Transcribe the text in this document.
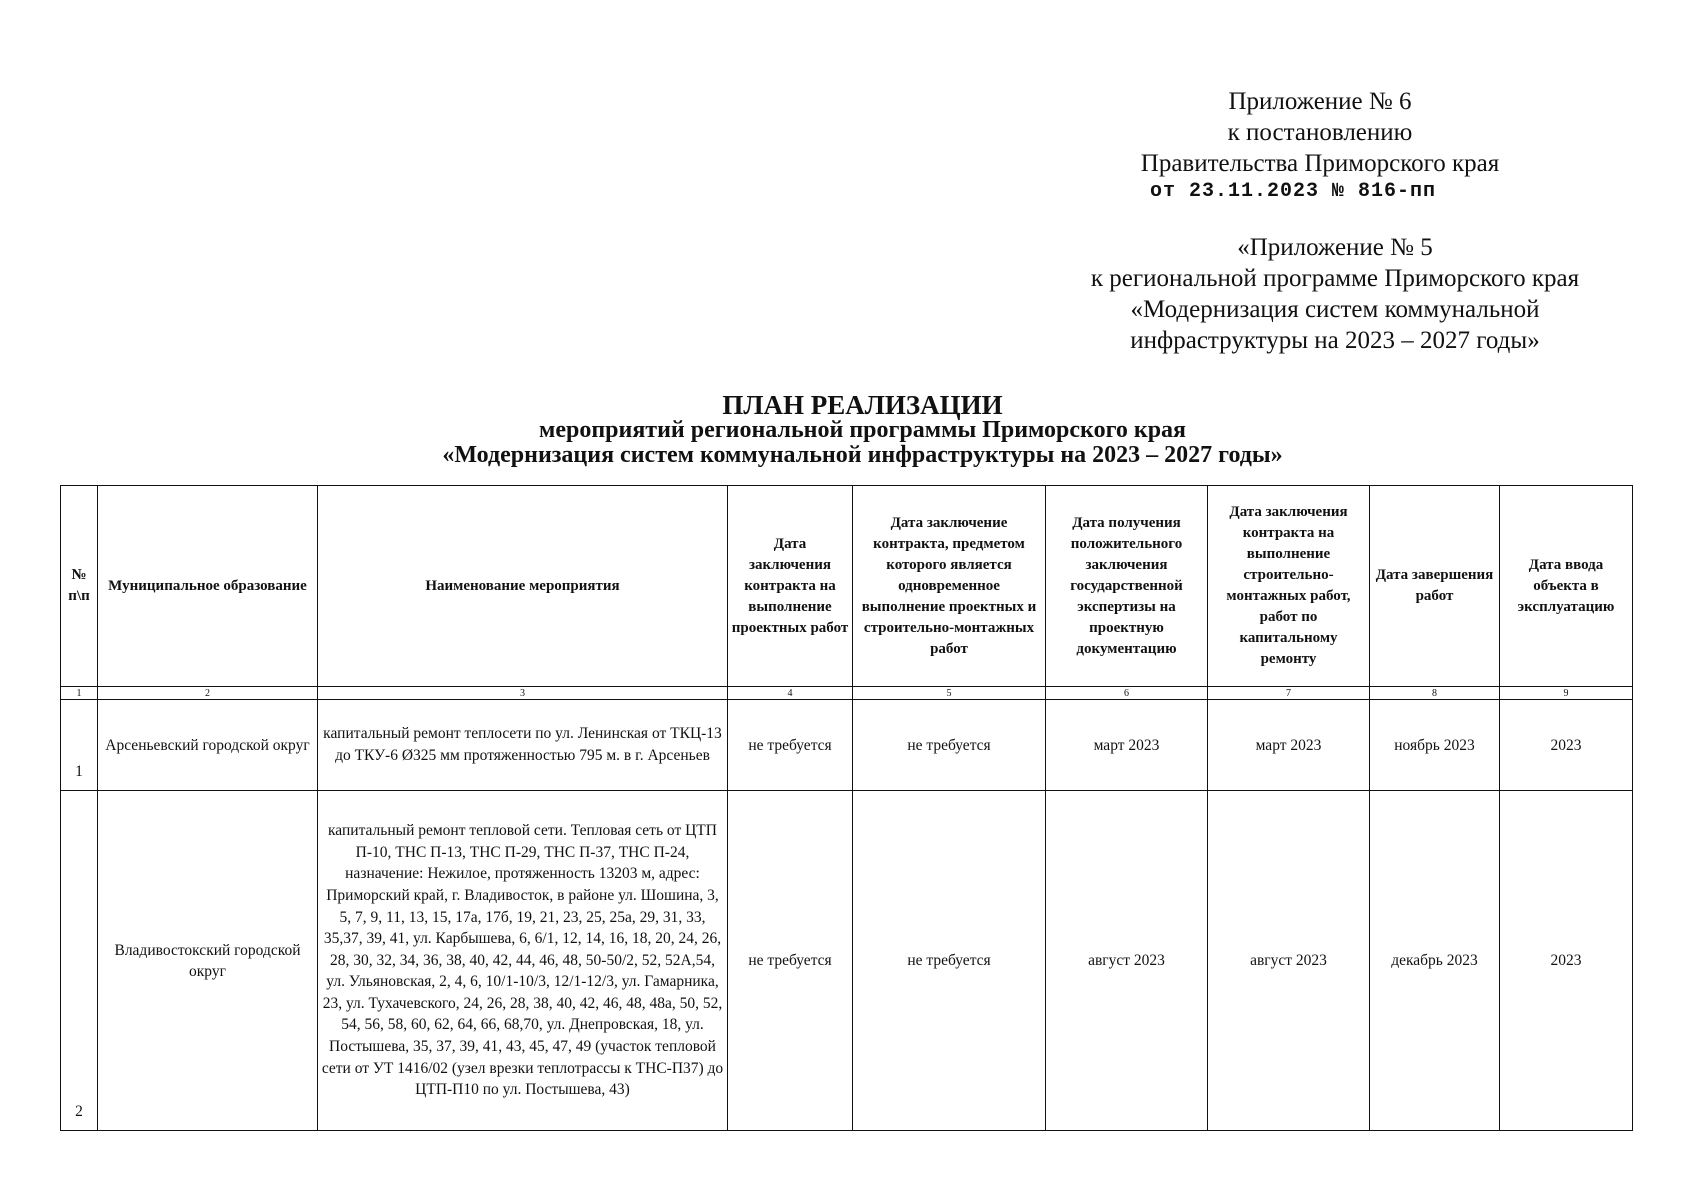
Приложение № 6
к постановлению
Правительства Приморского края
от 23.11.2023 № 816-пп
«Приложение № 5
к региональной программе Приморского края
«Модернизация систем коммунальной
инфраструктуры на 2023 – 2027 годы»
ПЛАН РЕАЛИЗАЦИИ
мероприятий региональной программы Приморского края
«Модернизация систем коммунальной инфраструктуры на 2023 – 2027 годы»
№ п\п	Муниципальное образование	Наименование мероприятия	Дата заключения контракта на выполнение проектных работ	Дата заключение контракта, предметом которого является одновременное выполнение проектных и строительно-монтажных работ	Дата получения положительного заключения государственной экспертизы на проектную документацию	Дата заключения контракта на выполнение строительно-монтажных работ, работ по капитальному ремонту	Дата завершения работ	Дата ввода объекта в эксплуатацию
1	2	3	4	5	6	7	8	9
1	Арсеньевский городской округ	капитальный ремонт теплосети по ул. Ленинская от ТКЦ-13 до ТКУ-6 Ø325 мм протяженностью 795 м. в г. Арсеньев	не требуется	не требуется	март 2023	март 2023	ноябрь 2023	2023
2	Владивостокский городской округ	капитальный ремонт тепловой сети. Тепловая сеть от ЦТП П-10, ТНС П-13, ТНС П-29, ТНС П-37, ТНС П-24, назначение: Нежилое, протяженность 13203 м, адрес: Приморский край, г. Владивосток, в районе ул. Шошина, 3, 5, 7, 9, 11, 13, 15, 17а, 17б, 19, 21, 23, 25, 25а, 29, 31, 33, 35,37, 39, 41, ул. Карбышева, 6, 6/1, 12, 14, 16, 18, 20, 24, 26, 28, 30, 32, 34, 36, 38, 40, 42, 44, 46, 48, 50-50/2, 52, 52А,54, ул. Ульяновская, 2, 4, 6, 10/1-10/3, 12/1-12/3, ул. Гамарника, 23, ул. Тухачевского, 24, 26, 28, 38, 40, 42, 46, 48, 48а, 50, 52, 54, 56, 58, 60, 62, 64, 66, 68,70, ул. Днепровская, 18, ул. Постышева, 35, 37, 39, 41, 43, 45, 47, 49 (участок тепловой сети от УТ 1416/02 (узел врезки теплотрассы к ТНС-П37) до ЦТП-П10 по ул. Постышева, 43)	не требуется	не требуется	август 2023	август 2023	декабрь 2023	2023
